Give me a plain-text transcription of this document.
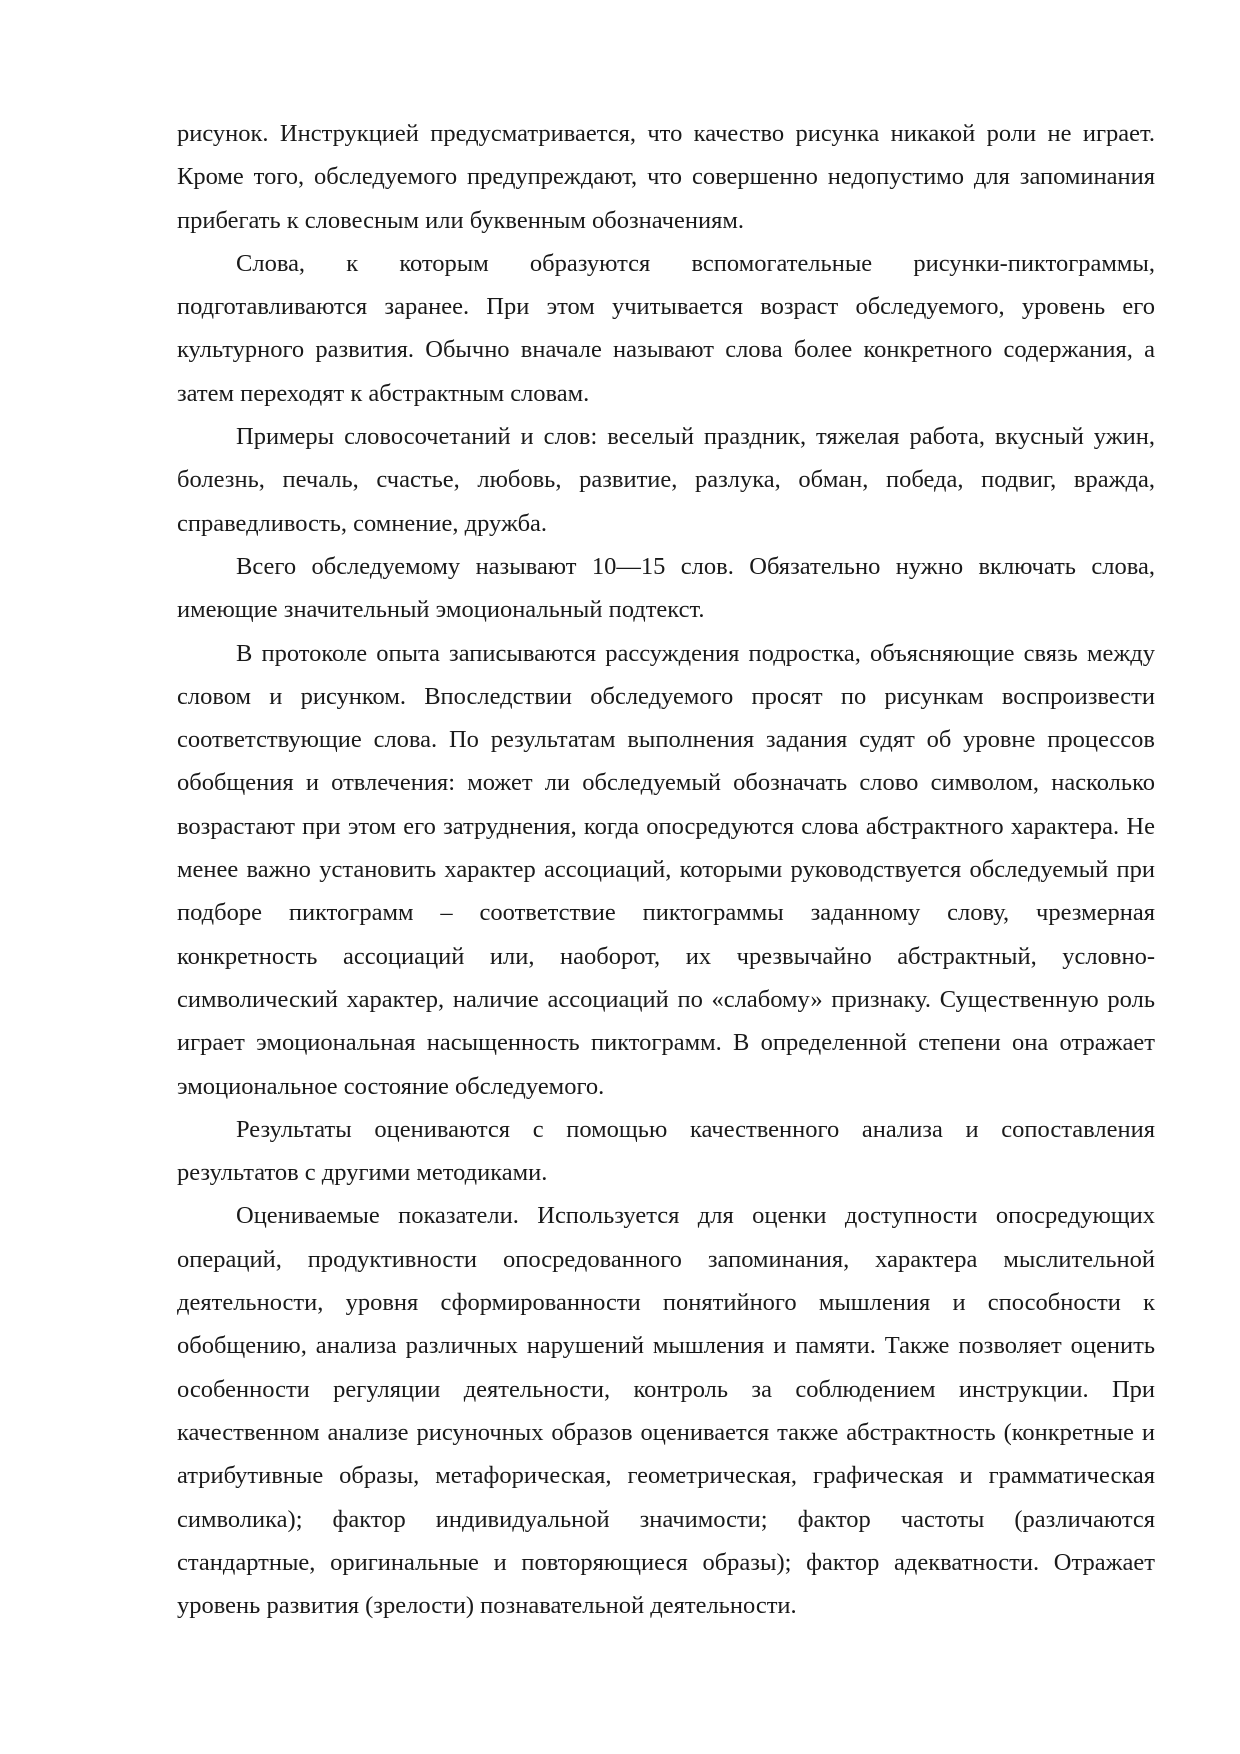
рисунок. Инструкцией предусматривается, что качество рисунка никакой роли не играет. Кроме того, обследуемого предупреждают, что совершенно недопустимо для запоминания прибегать к словесным или буквенным обозначениям.

Слова, к которым образуются вспомогательные рисунки-пиктограммы, подготавливаются заранее. При этом учитывается возраст обследуемого, уровень его культурного развития. Обычно вначале называют слова более конкретного содержания, а затем переходят к абстрактным словам.

Примеры словосочетаний и слов: веселый праздник, тяжелая работа, вкусный ужин, болезнь, печаль, счастье, любовь, развитие, разлука, обман, победа, подвиг, вражда, справедливость, сомнение, дружба.

Всего обследуемому называют 10—15 слов. Обязательно нужно включать слова, имеющие значительный эмоциональный подтекст.

В протоколе опыта записываются рассуждения подростка, объясняющие связь между словом и рисунком. Впоследствии обследуемого просят по рисункам воспроизвести соответствующие слова. По результатам выполнения задания судят об уровне процессов обобщения и отвлечения: может ли обследуемый обозначать слово символом, насколько возрастают при этом его затруднения, когда опосредуются слова абстрактного характера. Не менее важно установить характер ассоциаций, которыми руководствуется обследуемый при подборе пиктограмм – соответствие пиктограммы заданному слову, чрезмерная конкретность ассоциаций или, наоборот, их чрезвычайно абстрактный, условно-символический характер, наличие ассоциаций по «слабому» признаку. Существенную роль играет эмоциональная насыщенность пиктограмм. В определенной степени она отражает эмоциональное состояние обследуемого.

Результаты оцениваются с помощью качественного анализа и сопоставления результатов с другими методиками.

Оцениваемые показатели. Используется для оценки доступности опосредующих операций, продуктивности опосредованного запоминания, характера мыслительной деятельности, уровня сформированности понятийного мышления и способности к обобщению, анализа различных нарушений мышления и памяти. Также позволяет оценить особенности регуляции деятельности, контроль за соблюдением инструкции. При качественном анализе рисуночных образов оценивается также абстрактность (конкретные и атрибутивные образы, метафорическая, геометрическая, графическая и грамматическая символика); фактор индивидуальной значимости; фактор частоты (различаются стандартные, оригинальные и повторяющиеся образы); фактор адекватности. Отражает уровень развития (зрелости) познавательной деятельности.
